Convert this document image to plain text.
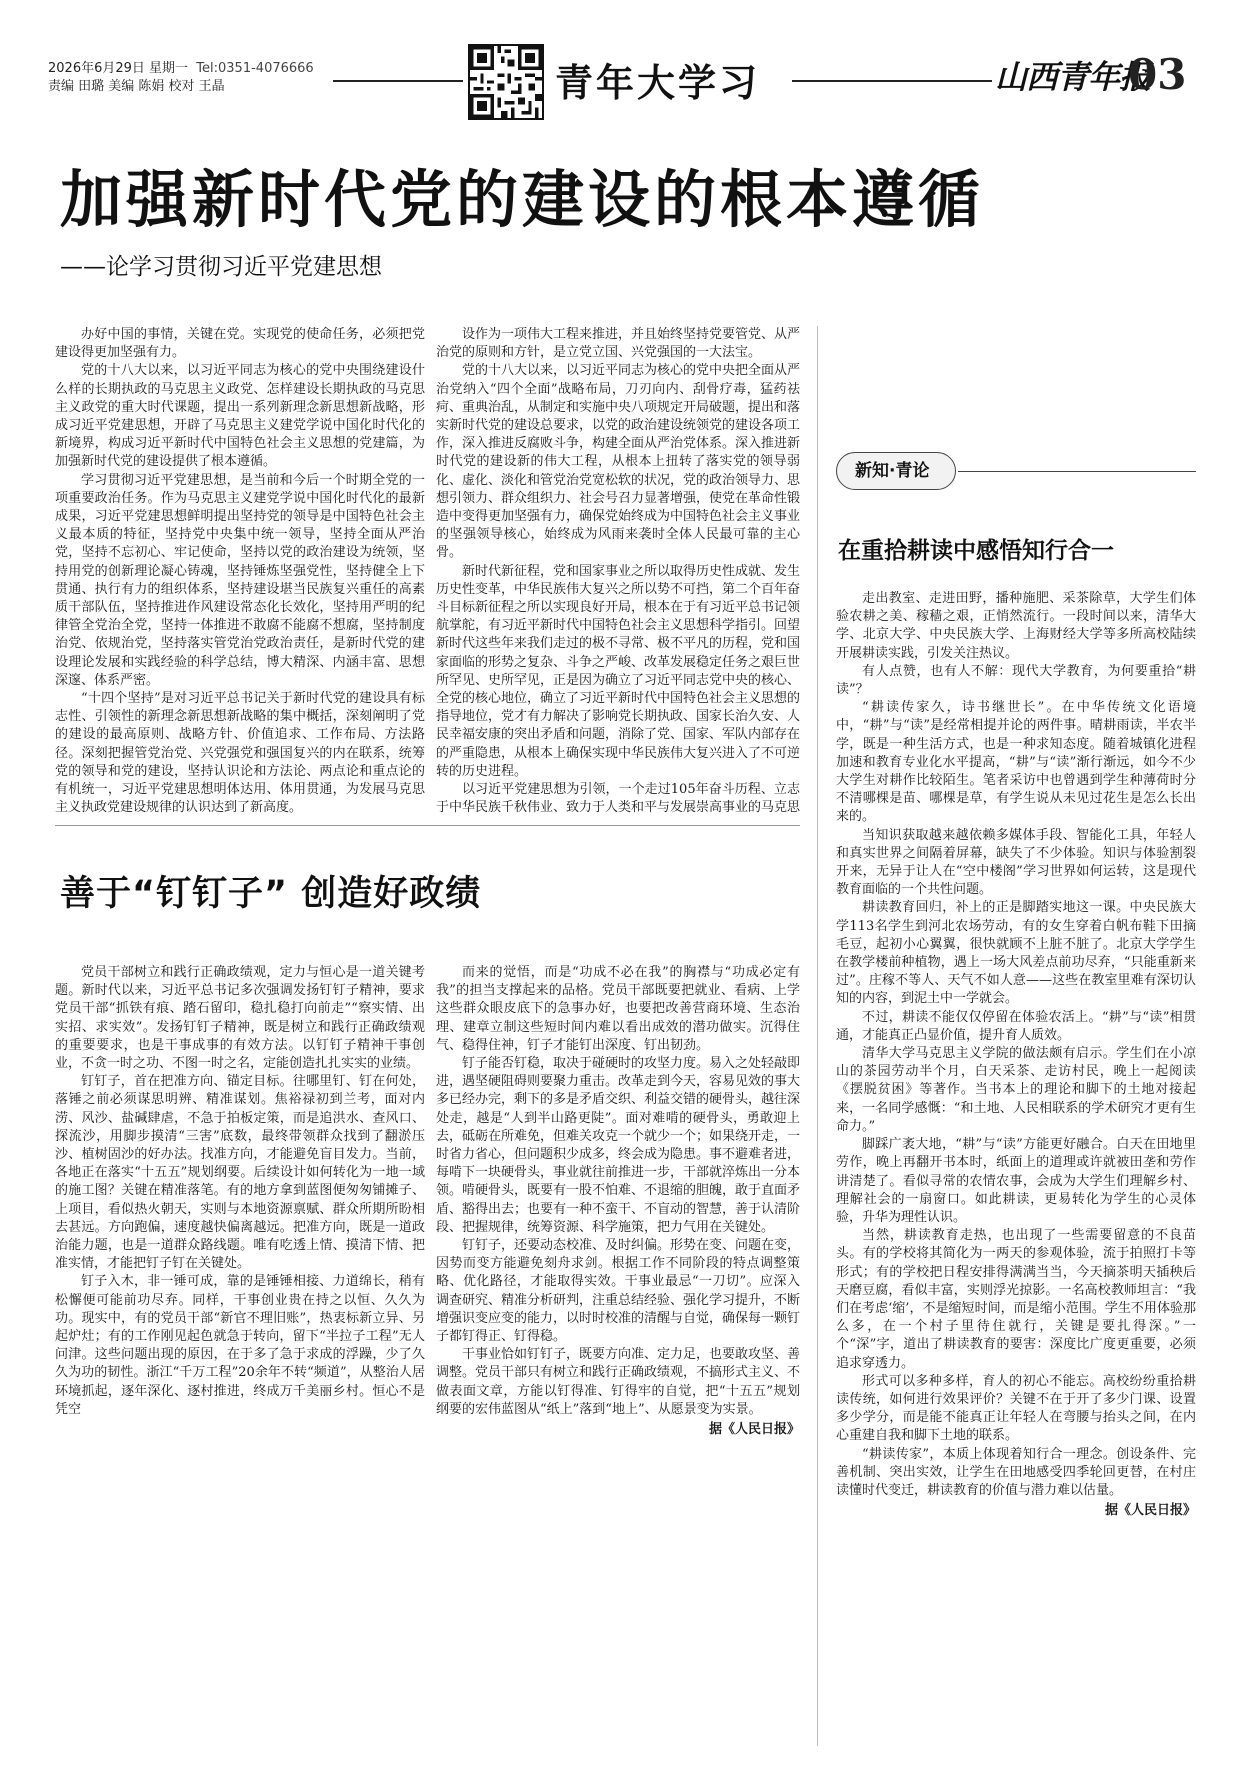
2026年6月29日 星期一 Tel:0351-4076666
责编 田璐 美编 陈娟 校对 王晶	青年大学习	山西青年报
03
加强新时代党的建设的根本遵循
——论学习贯彻习近平党建思想

办好中国的事情，关键在党。实现党的使命任务，必须把党建设得更加坚强有力。

党的十八大以来，以习近平同志为核心的党中央围绕建设什么样的长期执政的马克思主义政党、怎样建设长期执政的马克思主义政党的重大时代课题，提出一系列新理念新思想新战略，形成习近平党建思想，开辟了马克思主义建党学说中国化时代化的新境界，构成习近平新时代中国特色社会主义思想的党建篇，为加强新时代党的建设提供了根本遵循。

学习贯彻习近平党建思想，是当前和今后一个时期全党的一项重要政治任务。作为马克思主义建党学说中国化时代化的最新成果，习近平党建思想鲜明提出坚持党的领导是中国特色社会主义最本质的特征，坚持党中央集中统一领导，坚持全面从严治党，坚持不忘初心、牢记使命，坚持以党的政治建设为统领，坚持用党的创新理论凝心铸魂，坚持锤炼坚强党性，坚持健全上下贯通、执行有力的组织体系，坚持建设堪当民族复兴重任的高素质干部队伍，坚持推进作风建设常态化长效化，坚持用严明的纪律管全党治全党，坚持一体推进不敢腐不能腐不想腐，坚持制度治党、依规治党，坚持落实管党治党政治责任，是新时代党的建设理论发展和实践经验的科学总结，博大精深、内涵丰富、思想深邃、体系严密。

“十四个坚持”是对习近平总书记关于新时代党的建设具有标志性、引领性的新理念新思想新战略的集中概括，深刻阐明了党的建设的最高原则、战略方针、价值追求、工作布局、方法路径。深刻把握管党治党、兴党强党和强国复兴的内在联系，统筹党的领导和党的建设，坚持认识论和方法论、两点论和重点论的有机统一，习近平党建思想明体达用、体用贯通，为发展马克思主义执政党建设规律的认识达到了新高度。

设作为一项伟大工程来推进，并且始终坚持党要管党、从严治党的原则和方针，是立党立国、兴党强国的一大法宝。

党的十八大以来，以习近平同志为核心的党中央把全面从严治党纳入“四个全面”战略布局，刀刃向内、刮骨疗毒，猛药祛疴、重典治乱，从制定和实施中央八项规定开局破题，提出和落实新时代党的建设总要求，以党的政治建设统领党的建设各项工作，深入推进反腐败斗争，构建全面从严治党体系。深入推进新时代党的建设新的伟大工程，从根本上扭转了落实党的领导弱化、虚化、淡化和管党治党宽松软的状况，党的政治领导力、思想引领力、群众组织力、社会号召力显著增强，使党在革命性锻造中变得更加坚强有力，确保党始终成为中国特色社会主义事业的坚强领导核心，始终成为风雨来袭时全体人民最可靠的主心骨。

新时代新征程，党和国家事业之所以取得历史性成就、发生历史性变革，中华民族伟大复兴之所以势不可挡，第二个百年奋斗目标新征程之所以实现良好开局，根本在于有习近平总书记领航掌舵，有习近平新时代中国特色社会主义思想科学指引。回望新时代这些年来我们走过的极不寻常、极不平凡的历程，党和国家面临的形势之复杂、斗争之严峻、改革发展稳定任务之艰巨世所罕见、史所罕见，正是因为确立了习近平同志党中央的核心、全党的核心地位，确立了习近平新时代中国特色社会主义思想的指导地位，党才有力解决了影响党长期执政、国家长治久安、人民幸福安康的突出矛盾和问题，消除了党、国家、军队内部存在的严重隐患，从根本上确保实现中华民族伟大复兴进入了不可逆转的历史进程。

以习近平党建思想为引领，一个走过105年奋斗历程、立志于中华民族千秋伟业、致力于人类和平与发展崇高事业的马克思

善于“钉钉子” 创造好政绩

党员干部树立和践行正确政绩观，定力与恒心是一道关键考题。新时代以来，习近平总书记多次强调发扬钉钉子精神，要求党员干部“抓铁有痕、踏石留印，稳扎稳打向前走”“察实情、出实招、求实效”。发扬钉钉子精神，既是树立和践行正确政绩观的重要要求，也是干事成事的有效方法。以钉钉子精神干事创业，不贪一时之功、不图一时之名，定能创造扎扎实实的业绩。

钉钉子，首在把准方向、锚定目标。往哪里钉、钉在何处，落锤之前必须谋思明辨、精准谋划。焦裕禄初到兰考，面对内涝、风沙、盐碱肆虐，不急于拍板定策，而是追洪水、查风口、探流沙，用脚步摸清“三害”底数，最终带领群众找到了翻淤压沙、植树固沙的好办法。找准方向，才能避免盲目发力。当前，各地正在落实“十五五”规划纲要。后续设计如何转化为一地一域的施工图？关键在精准落笔。有的地方拿到蓝图便匆匆铺摊子、上项目，看似热火朝天，实则与本地资源禀赋、群众所期所盼相去甚远。方向跑偏，速度越快偏离越远。把准方向，既是一道政治能力题，也是一道群众路线题。唯有吃透上情、摸清下情、把准实情，才能把钉子钉在关键处。

钉子入木，非一锤可成，靠的是锤锤相接、力道绵长，稍有松懈便可能前功尽弃。同样，干事创业贵在持之以恒、久久为功。现实中，有的党员干部“新官不理旧账”，热衷标新立异、另起炉灶；有的工作刚见起色就急于转向，留下“半拉子工程”无人问津。这些问题出现的原因，在于多了急于求成的浮躁，少了久久为功的韧性。浙江“千万工程”20余年不转“频道”，从整治人居环境抓起，逐年深化、逐村推进，终成万千美丽乡村。恒心不是凭空

而来的觉悟，而是“功成不必在我”的胸襟与“功成必定有我”的担当支撑起来的品格。党员干部既要把就业、看病、上学这些群众眼皮底下的急事办好，也要把改善营商环境、生态治理、建章立制这些短时间内难以看出成效的潜功做实。沉得住气、稳得住神，钉子才能钉出深度、钉出韧劲。

钉子能否钉稳，取决于碰硬时的攻坚力度。易入之处轻敲即进，遇坚硬阻碍则要聚力重击。改革走到今天，容易见效的事大多已经办完，剩下的多是矛盾交织、利益交错的硬骨头，越往深处走，越是“人到半山路更陡”。面对难啃的硬骨头，勇敢迎上去，砥砺在所难免，但难关攻克一个就少一个；如果绕开走，一时省力省心，但问题积少成多，终会成为隐患。事不避难者进，每啃下一块硬骨头，事业就往前推进一步，干部就淬炼出一分本领。啃硬骨头，既要有一股不怕难、不退缩的胆魄，敢于直面矛盾、豁得出去；也要有一种不蛮干、不盲动的智慧，善于认清阶段、把握规律，统筹资源、科学施策，把力气用在关键处。

钉钉子，还要动态校准、及时纠偏。形势在变、问题在变，因势而变方能避免刻舟求剑。根据工作不同阶段的特点调整策略、优化路径，才能取得实效。干事业最忌“一刀切”。应深入调查研究、精准分析研判，注重总结经验、强化学习提升，不断增强识变应变的能力，以时时校准的清醒与自觉，确保每一颗钉子都钉得正、钉得稳。

干事业恰如钉钉子，既要方向准、定力足，也要敢攻坚、善调整。党员干部只有树立和践行正确政绩观，不搞形式主义、不做表面文章，方能以钉得准、钉得牢的自觉，把“十五五”规划纲要的宏伟蓝图从“纸上”落到“地上”、从愿景变为实景。

据《人民日报》

新知·青论
在重拾耕读中感悟知行合一

走出教室、走进田野，播种施肥、采茶除草，大学生们体验农耕之美、稼穑之艰，正悄然流行。一段时间以来，清华大学、北京大学、中央民族大学、上海财经大学等多所高校陆续开展耕读实践，引发关注热议。

有人点赞，也有人不解：现代大学教育，为何要重拾“耕读”？

“耕读传家久，诗书继世长”。在中华传统文化语境中，“耕”与“读”是经常相提并论的两件事。晴耕雨读，半农半学，既是一种生活方式，也是一种求知态度。随着城镇化进程加速和教育专业化水平提高，“耕”与“读”渐行渐远，如今不少大学生对耕作比较陌生。笔者采访中也曾遇到学生种薄荷时分不清哪棵是苗、哪棵是草，有学生说从未见过花生是怎么长出来的。

当知识获取越来越依赖多媒体手段、智能化工具，年轻人和真实世界之间隔着屏幕，缺失了不少体验。知识与体验割裂开来，无异于让人在“空中楼阁”学习世界如何运转，这是现代教育面临的一个共性问题。

耕读教育回归，补上的正是脚踏实地这一课。中央民族大学113名学生到河北农场劳动，有的女生穿着白帆布鞋下田摘毛豆，起初小心翼翼，很快就顾不上脏不脏了。北京大学学生在教学楼前种植物，遇上一场大风差点前功尽弃，“只能重新来过”。庄稼不等人、天气不如人意——这些在教室里难有深切认知的内容，到泥土中一学就会。

不过，耕读不能仅仅停留在体验农活上。“耕”与“读”相贯通，才能真正凸显价值，提升育人质效。

清华大学马克思主义学院的做法颇有启示。学生们在小凉山的茶园劳动半个月，白天采茶、走访村民，晚上一起阅读《摆脱贫困》等著作。当书本上的理论和脚下的土地对接起来，一名同学感慨：“和土地、人民相联系的学术研究才更有生命力。”

脚踩广袤大地，“耕”与“读”方能更好融合。白天在田地里劳作，晚上再翻开书本时，纸面上的道理或许就被田垄和劳作讲清楚了。看似寻常的农情农事，会成为大学生们理解乡村、理解社会的一扇窗口。如此耕读，更易转化为学生的心灵体验，升华为理性认识。

当然，耕读教育走热，也出现了一些需要留意的不良苗头。有的学校将其简化为一两天的参观体验，流于拍照打卡等形式；有的学校把日程安排得满满当当，今天摘茶明天插秧后天磨豆腐，看似丰富，实则浮光掠影。一名高校教师坦言：“我们在考虑‘缩’，不是缩短时间，而是缩小范围。学生不用体验那么多，在一个村子里待住就行，关键是要扎得深。”一个“深”字，道出了耕读教育的要害：深度比广度更重要，必须追求穿透力。

形式可以多种多样，育人的初心不能忘。高校纷纷重拾耕读传统，如何进行效果评价？关键不在于开了多少门课、设置多少学分，而是能不能真正让年轻人在弯腰与抬头之间，在内心重建自我和脚下土地的联系。

“耕读传家”，本质上体现着知行合一理念。创设条件、完善机制、突出实效，让学生在田地感受四季轮回更替，在村庄读懂时代变迁，耕读教育的价值与潜力难以估量。

据《人民日报》
